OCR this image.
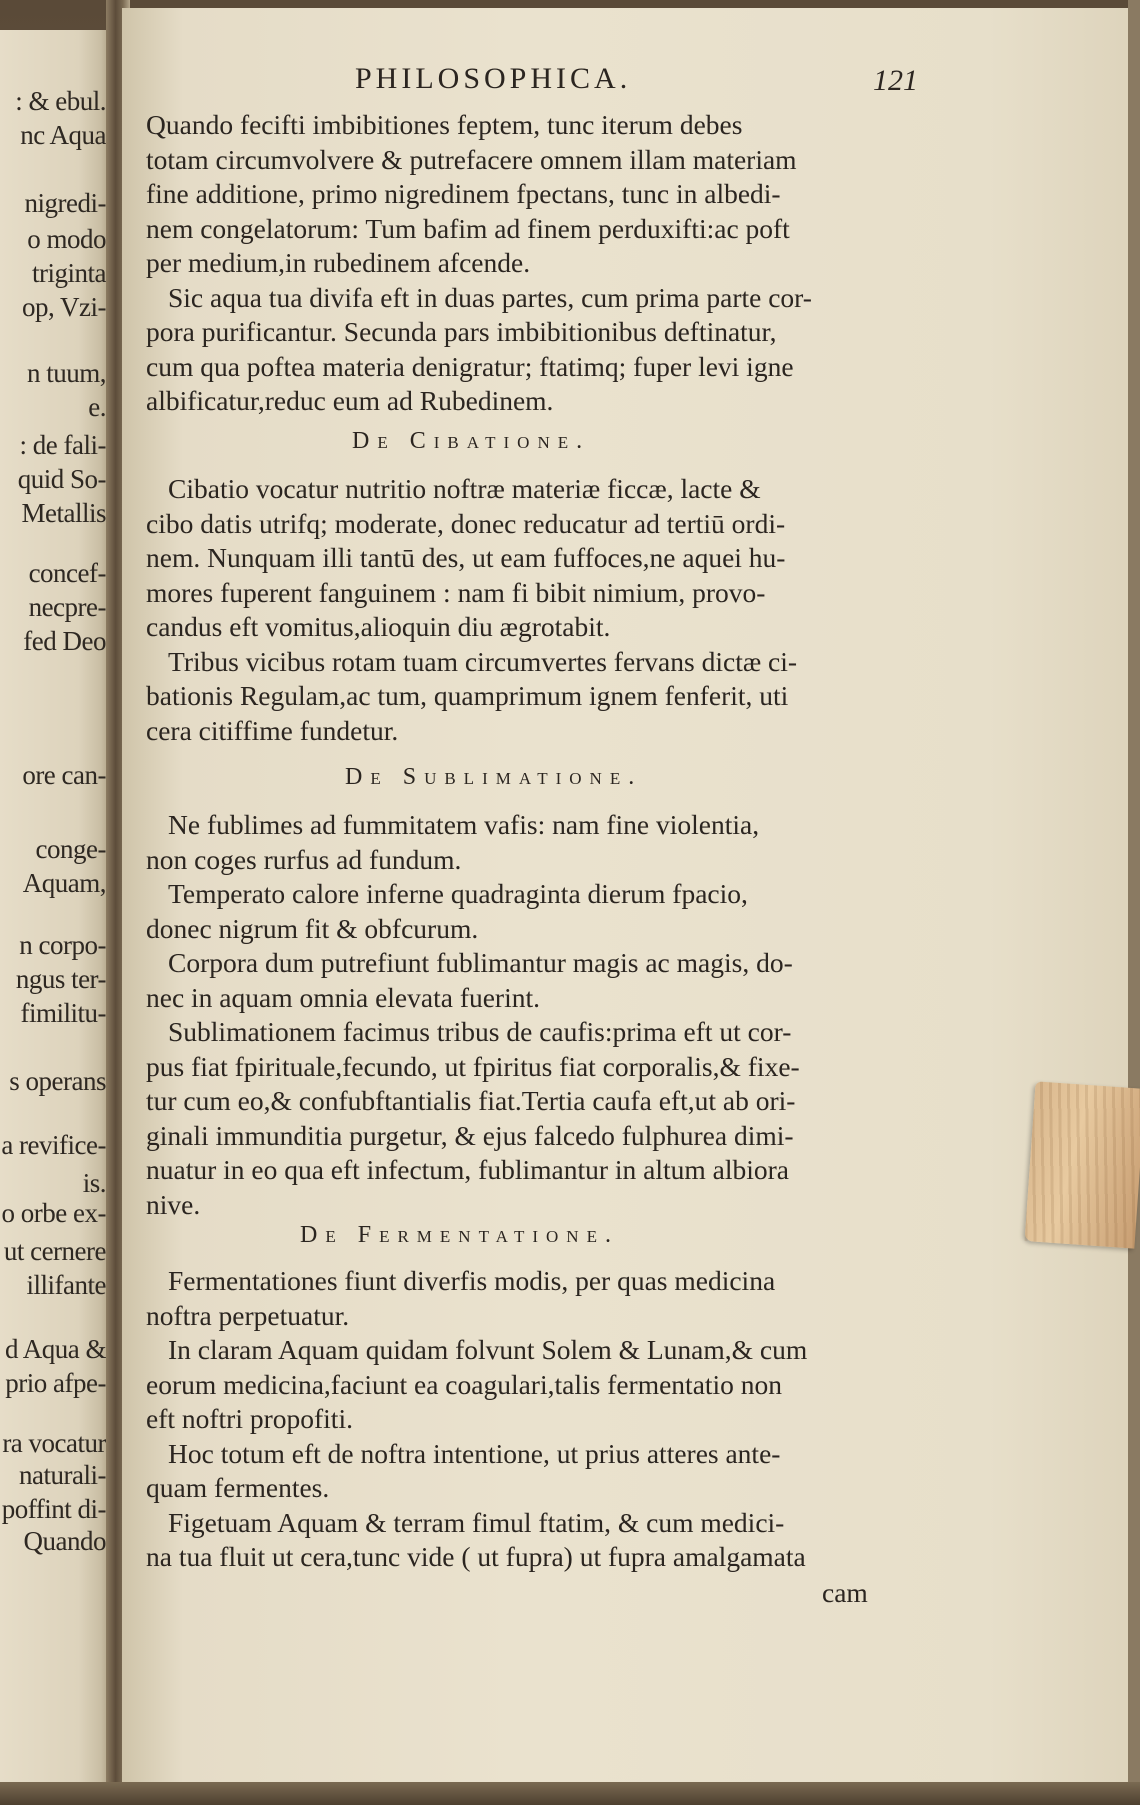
: & ebul.
nc Aqua
nigredi-
o modo
triginta
op, Vzi-
n tuum,
e.
: de fali-
quid So-
Metallis
concef-
necpre-
fed Deo
ore can-
conge-
Aquam,
n corpo-
ngus ter-
fimilitu-
s operans
a revifice-
is.
o orbe ex-
ut cernere
illifante
d Aqua &
prio afpe-
ra vocatur
naturali-
poffint di-
Quando
PHILOSOPHICA.	121
Quando fecifti imbibitiones feptem, tunc iterum debes
totam circumvolvere & putrefacere omnem illam materiam
fine additione, primo nigredinem fpectans, tunc in albedi-
nem congelatorum: Tum bafim ad finem perduxifti:ac poft
per medium,in rubedinem afcende.
Sic aqua tua divifa eft in duas partes, cum prima parte cor-
pora purificantur. Secunda pars imbibitionibus deftinatur,
cum qua poftea materia denigratur; ftatimq; fuper levi igne
albificatur,reduc eum ad Rubedinem.
De Cibatione.
Cibatio vocatur nutritio noftræ materiæ ficcæ, lacte &
cibo datis utrifq; moderate, donec reducatur ad tertiū ordi-
nem. Nunquam illi tantū des, ut eam fuffoces,ne aquei hu-
mores fuperent fanguinem : nam fi bibit nimium, provo-
candus eft vomitus,alioquin diu ægrotabit.
Tribus vicibus rotam tuam circumvertes fervans dictæ ci-
bationis Regulam,ac tum, quamprimum ignem fenferit, uti
cera citiffime fundetur.
De Sublimatione.
Ne fublimes ad fummitatem vafis: nam fine violentia,
non coges rurfus ad fundum.
Temperato calore inferne quadraginta dierum fpacio,
donec nigrum fit & obfcurum.
Corpora dum putrefiunt fublimantur magis ac magis, do-
nec in aquam omnia elevata fuerint.
Sublimationem facimus tribus de caufis:prima eft ut cor-
pus fiat fpirituale,fecundo, ut fpiritus fiat corporalis,& fixe-
tur cum eo,& confubftantialis fiat.Tertia caufa eft,ut ab ori-
ginali immunditia purgetur, & ejus falcedo fulphurea dimi-
nuatur in eo qua eft infectum, fublimantur in altum albiora
nive.
De Fermentatione.
Fermentationes fiunt diverfis modis, per quas medicina
noftra perpetuatur.
In claram Aquam quidam folvunt Solem & Lunam,& cum
eorum medicina,faciunt ea coagulari,talis fermentatio non
eft noftri propofiti.
Hoc totum eft de noftra intentione, ut prius atteres ante-
quam fermentes.
Figetuam Aquam & terram fimul ftatim, & cum medici-
na tua fluit ut cera,tunc vide ( ut fupra) ut fupra amalgamata
cam
